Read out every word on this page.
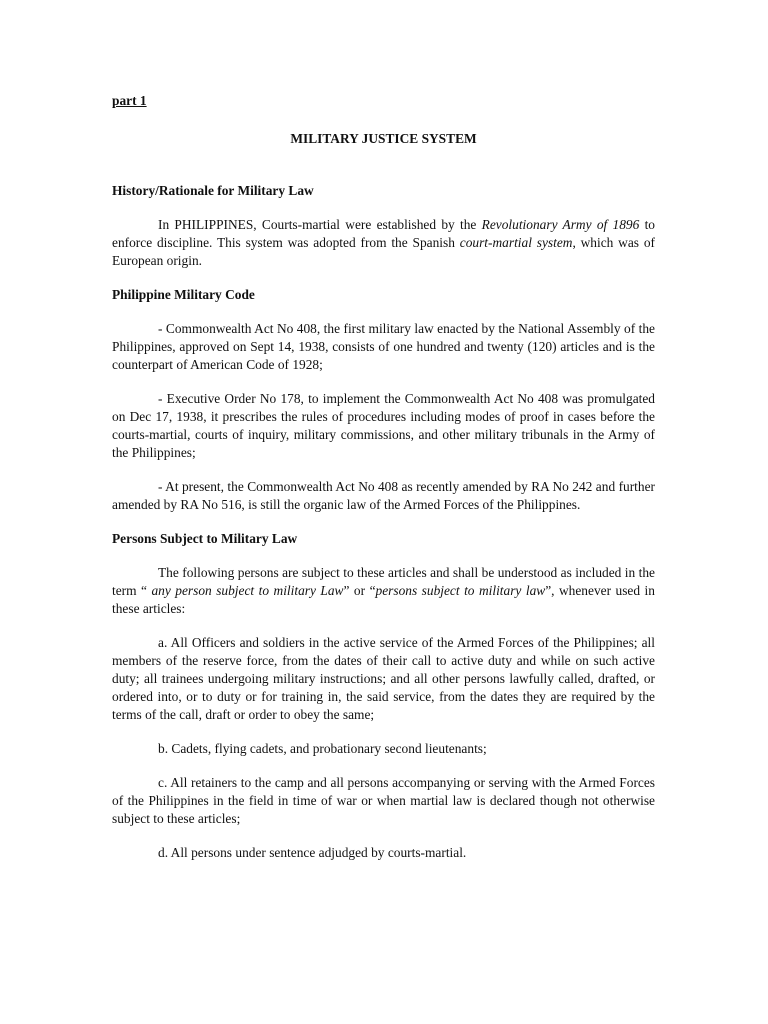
part 1

MILITARY JUSTICE SYSTEM

History/Rationale for Military Law

In PHILIPPINES, Courts-martial were established by the Revolutionary Army of 1896 to enforce discipline. This system was adopted from the Spanish court-martial system, which was of European origin.

Philippine Military Code

- Commonwealth Act No 408, the first military law enacted by the National Assembly of the Philippines, approved on Sept 14, 1938, consists of one hundred and twenty (120) articles and is the counterpart of American Code of 1928;

- Executive Order No 178, to implement the Commonwealth Act No 408 was promulgated on Dec 17, 1938, it prescribes the rules of procedures including modes of proof in cases before the courts-martial, courts of inquiry, military commissions, and other military tribunals in the Army of the Philippines;

- At present, the Commonwealth Act No 408 as recently amended by RA No 242 and further amended by RA No 516, is still the organic law of the Armed Forces of the Philippines.

Persons Subject to Military Law

The following persons are subject to these articles and shall be understood as included in the term “ any person subject to military Law” or “persons subject to military law”, whenever used in these articles:

a. All Officers and soldiers in the active service of the Armed Forces of the Philippines; all members of the reserve force, from the dates of their call to active duty and while on such active duty; all trainees undergoing military instructions; and all other persons lawfully called, drafted, or ordered into, or to duty or for training in, the said service, from the dates they are required by the terms of the call, draft or order to obey the same;

b. Cadets, flying cadets, and probationary second lieutenants;

c. All retainers to the camp and all persons accompanying or serving with the Armed Forces of the Philippines in the field in time of war or when martial law is declared though not otherwise subject to these articles;

d. All persons under sentence adjudged by courts-martial.
